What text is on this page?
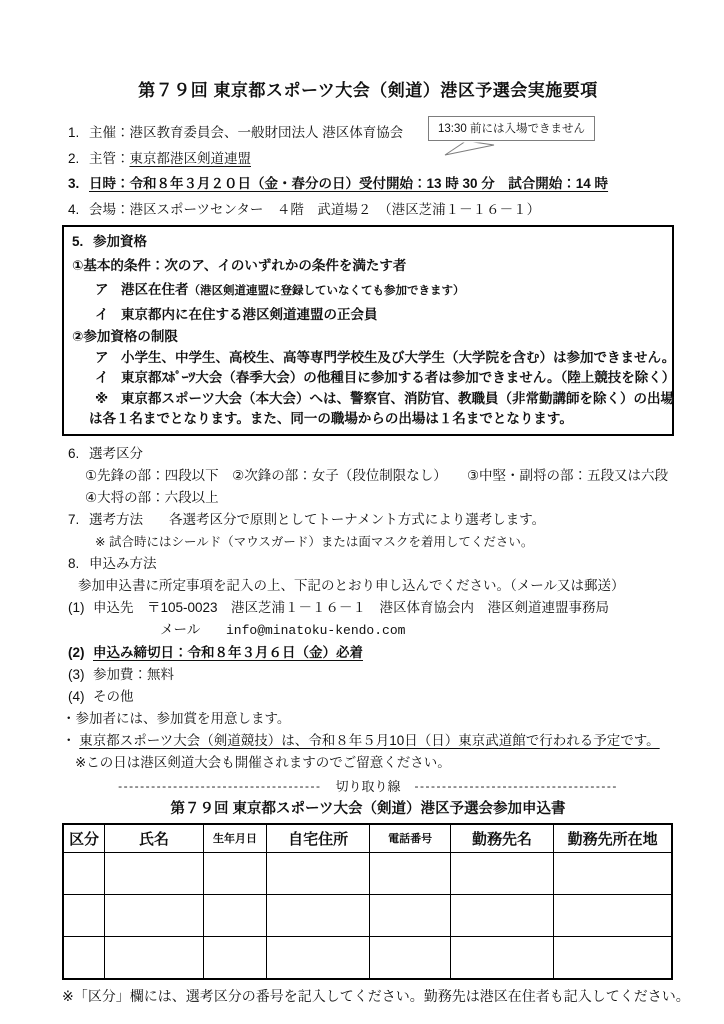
13:30 前には入場できません
第７９回 東京都スポーツ大会（剣道）港区予選会実施要項
1. 主催：港区教育委員会、一般財団法人 港区体育協会
2. 主管： 東京都港区剣道連盟
3. 日時：令和８年３月２０日（金・春分の日）受付開始：13 時 30 分　試合開始：14 時
4. 会場：港区スポーツセンター　４階　武道場２　（港区芝浦１－１６－１）
5. 参加資格
①基本的条件：次のア、イのいずれかの条件を満たす者
ア 港区在住者（港区剣道連盟に登録していなくても参加できます）
イ 東京都内に在住する港区剣道連盟の正会員
②参加資格の制限
ア 小学生、中学生、高校生、高等専門学校生及び大学生（大学院を含む）は参加できません。
イ 東京都ｽﾎﾟｰﾂ大会（春季大会）の他種目に参加する者は参加できません。（陸上競技を除く）
※ 東京都スポーツ大会（本大会）へは、警察官、消防官、教職員（非常勤講師を除く）の出場
は各１名までとなります。また、同一の職場からの出場は１名までとなります。
6. 選考区分
①先鋒の部：四段以下　②次鋒の部：女子（段位制限なし）　　③中堅・副将の部：五段又は六段
④大将の部：六段以上
7. 選考方法 各選考区分で原則としてトーナメント方式により選考します。
※ 試合時にはシールド（マウスガード）または面マスクを着用してください。
8. 申込み方法
参加申込書に所定事項を記入の上、下記のとおり申し込んでください。（メール又は郵送）
(1) 申込先　〒105-0023　港区芝浦１－１６－１　港区体育協会内　港区剣道連盟事務局
メール info@minatoku-kendo.com
(2) 申込み締切日：令和８年３月６日（金）必着
(3) 参加費：無料
(4) その他
・参加者には、参加賞を用意します。
・ 東京都スポーツ大会（剣道競技）は、令和８年５月10日（日）東京武道館で行われる予定です。
※この日は港区剣道大会も開催されますのでご留意ください。
------------------------------------- 切り取り線 -------------------------------------
第７９回 東京都スポーツ大会（剣道）港区予選会参加申込書
区分	氏名	生年月日	自宅住所	電話番号	勤務先名	勤務先所在地

※「区分」欄には、選考区分の番号を記入してください。勤務先は港区在住者も記入してください。
